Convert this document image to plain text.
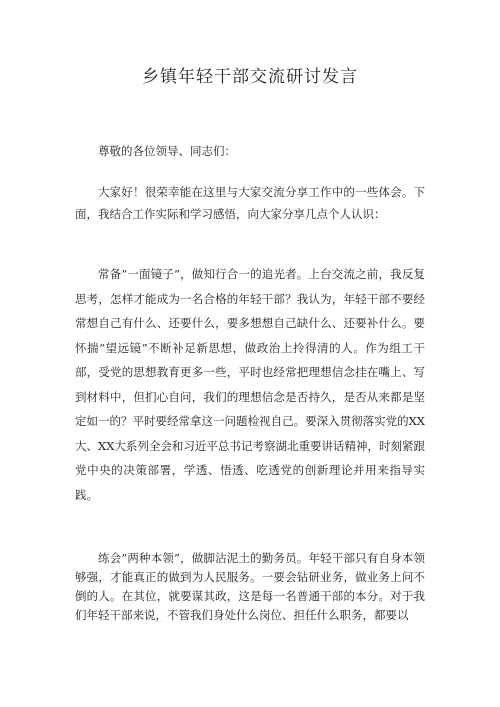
乡镇年轻干部交流研讨发言

尊敬的各位领导、同志们：

大家好！很荣幸能在这里与大家交流分享工作中的一些体会。下面，我结合工作实际和学习感悟，向大家分享几点个人认识：

常备”一面镜子”，做知行合一的追光者。上台交流之前，我反复思考，怎样才能成为一名合格的年轻干部？我认为，年轻干部不要经常想自己有什么、还要什么，要多想想自己缺什么、还要补什么。要怀揣“望远镜”不断补足新思想，做政治上拎得清的人。作为组工干部，受党的思想教育更多一些，平时也经常把理想信念挂在嘴上、写到材料中，但扪心自问，我们的理想信念是否持久，是否从来都是坚定如一的？平时要经常拿这一问题检视自己。要深入贯彻落实党的XX大、XX大系列全会和习近平总书记考察湖北重要讲话精神，时刻紧跟党中央的决策部署，学透、悟透、吃透党的创新理论并用来指导实践。

练会”两种本领”，做脚沾泥土的勤务员。年轻干部只有自身本领够强，才能真正的做到为人民服务。一要会钻研业务，做业务上问不倒的人。在其位，就要谋其政，这是每一名普通干部的本分。对于我们年轻干部来说，不管我们身处什么岗位、担任什么职务，都要以
